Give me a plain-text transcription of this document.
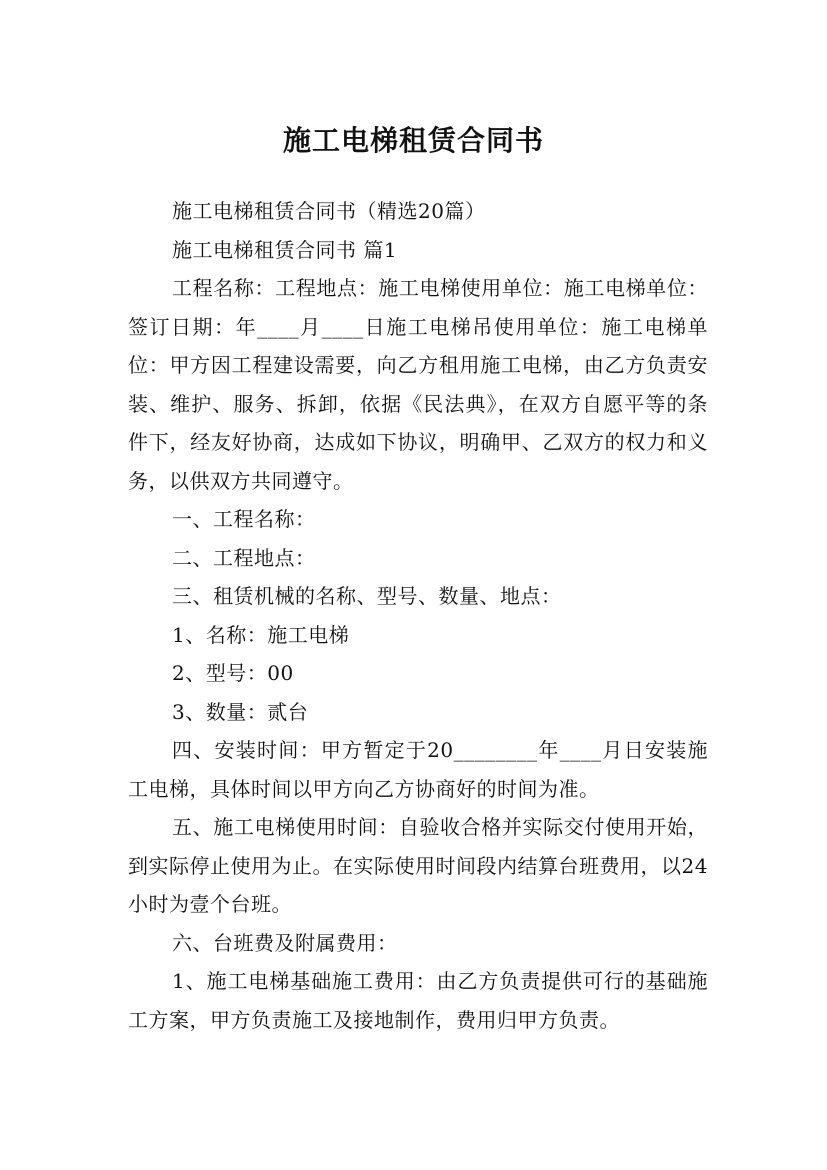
施工电梯租赁合同书

施工电梯租赁合同书（精选20篇）

施工电梯租赁合同书 篇1

工程名称：工程地点：施工电梯使用单位：施工电梯单位：签订日期：年____月____日施工电梯吊使用单位：施工电梯单位：甲方因工程建设需要，向乙方租用施工电梯，由乙方负责安装、维护、服务、拆卸，依据《民法典》，在双方自愿平等的条件下，经友好协商，达成如下协议，明确甲、乙双方的权力和义务，以供双方共同遵守。

一、工程名称：

二、工程地点：

三、租赁机械的名称、型号、数量、地点：

1、名称：施工电梯

2、型号：00

3、数量：贰台

四、安装时间：甲方暂定于20________年____月日安装施工电梯，具体时间以甲方向乙方协商好的时间为准。

五、施工电梯使用时间：自验收合格并实际交付使用开始，到实际停止使用为止。在实际使用时间段内结算台班费用，以24小时为壹个台班。

六、台班费及附属费用：

1、施工电梯基础施工费用：由乙方负责提供可行的基础施工方案，甲方负责施工及接地制作，费用归甲方负责。
